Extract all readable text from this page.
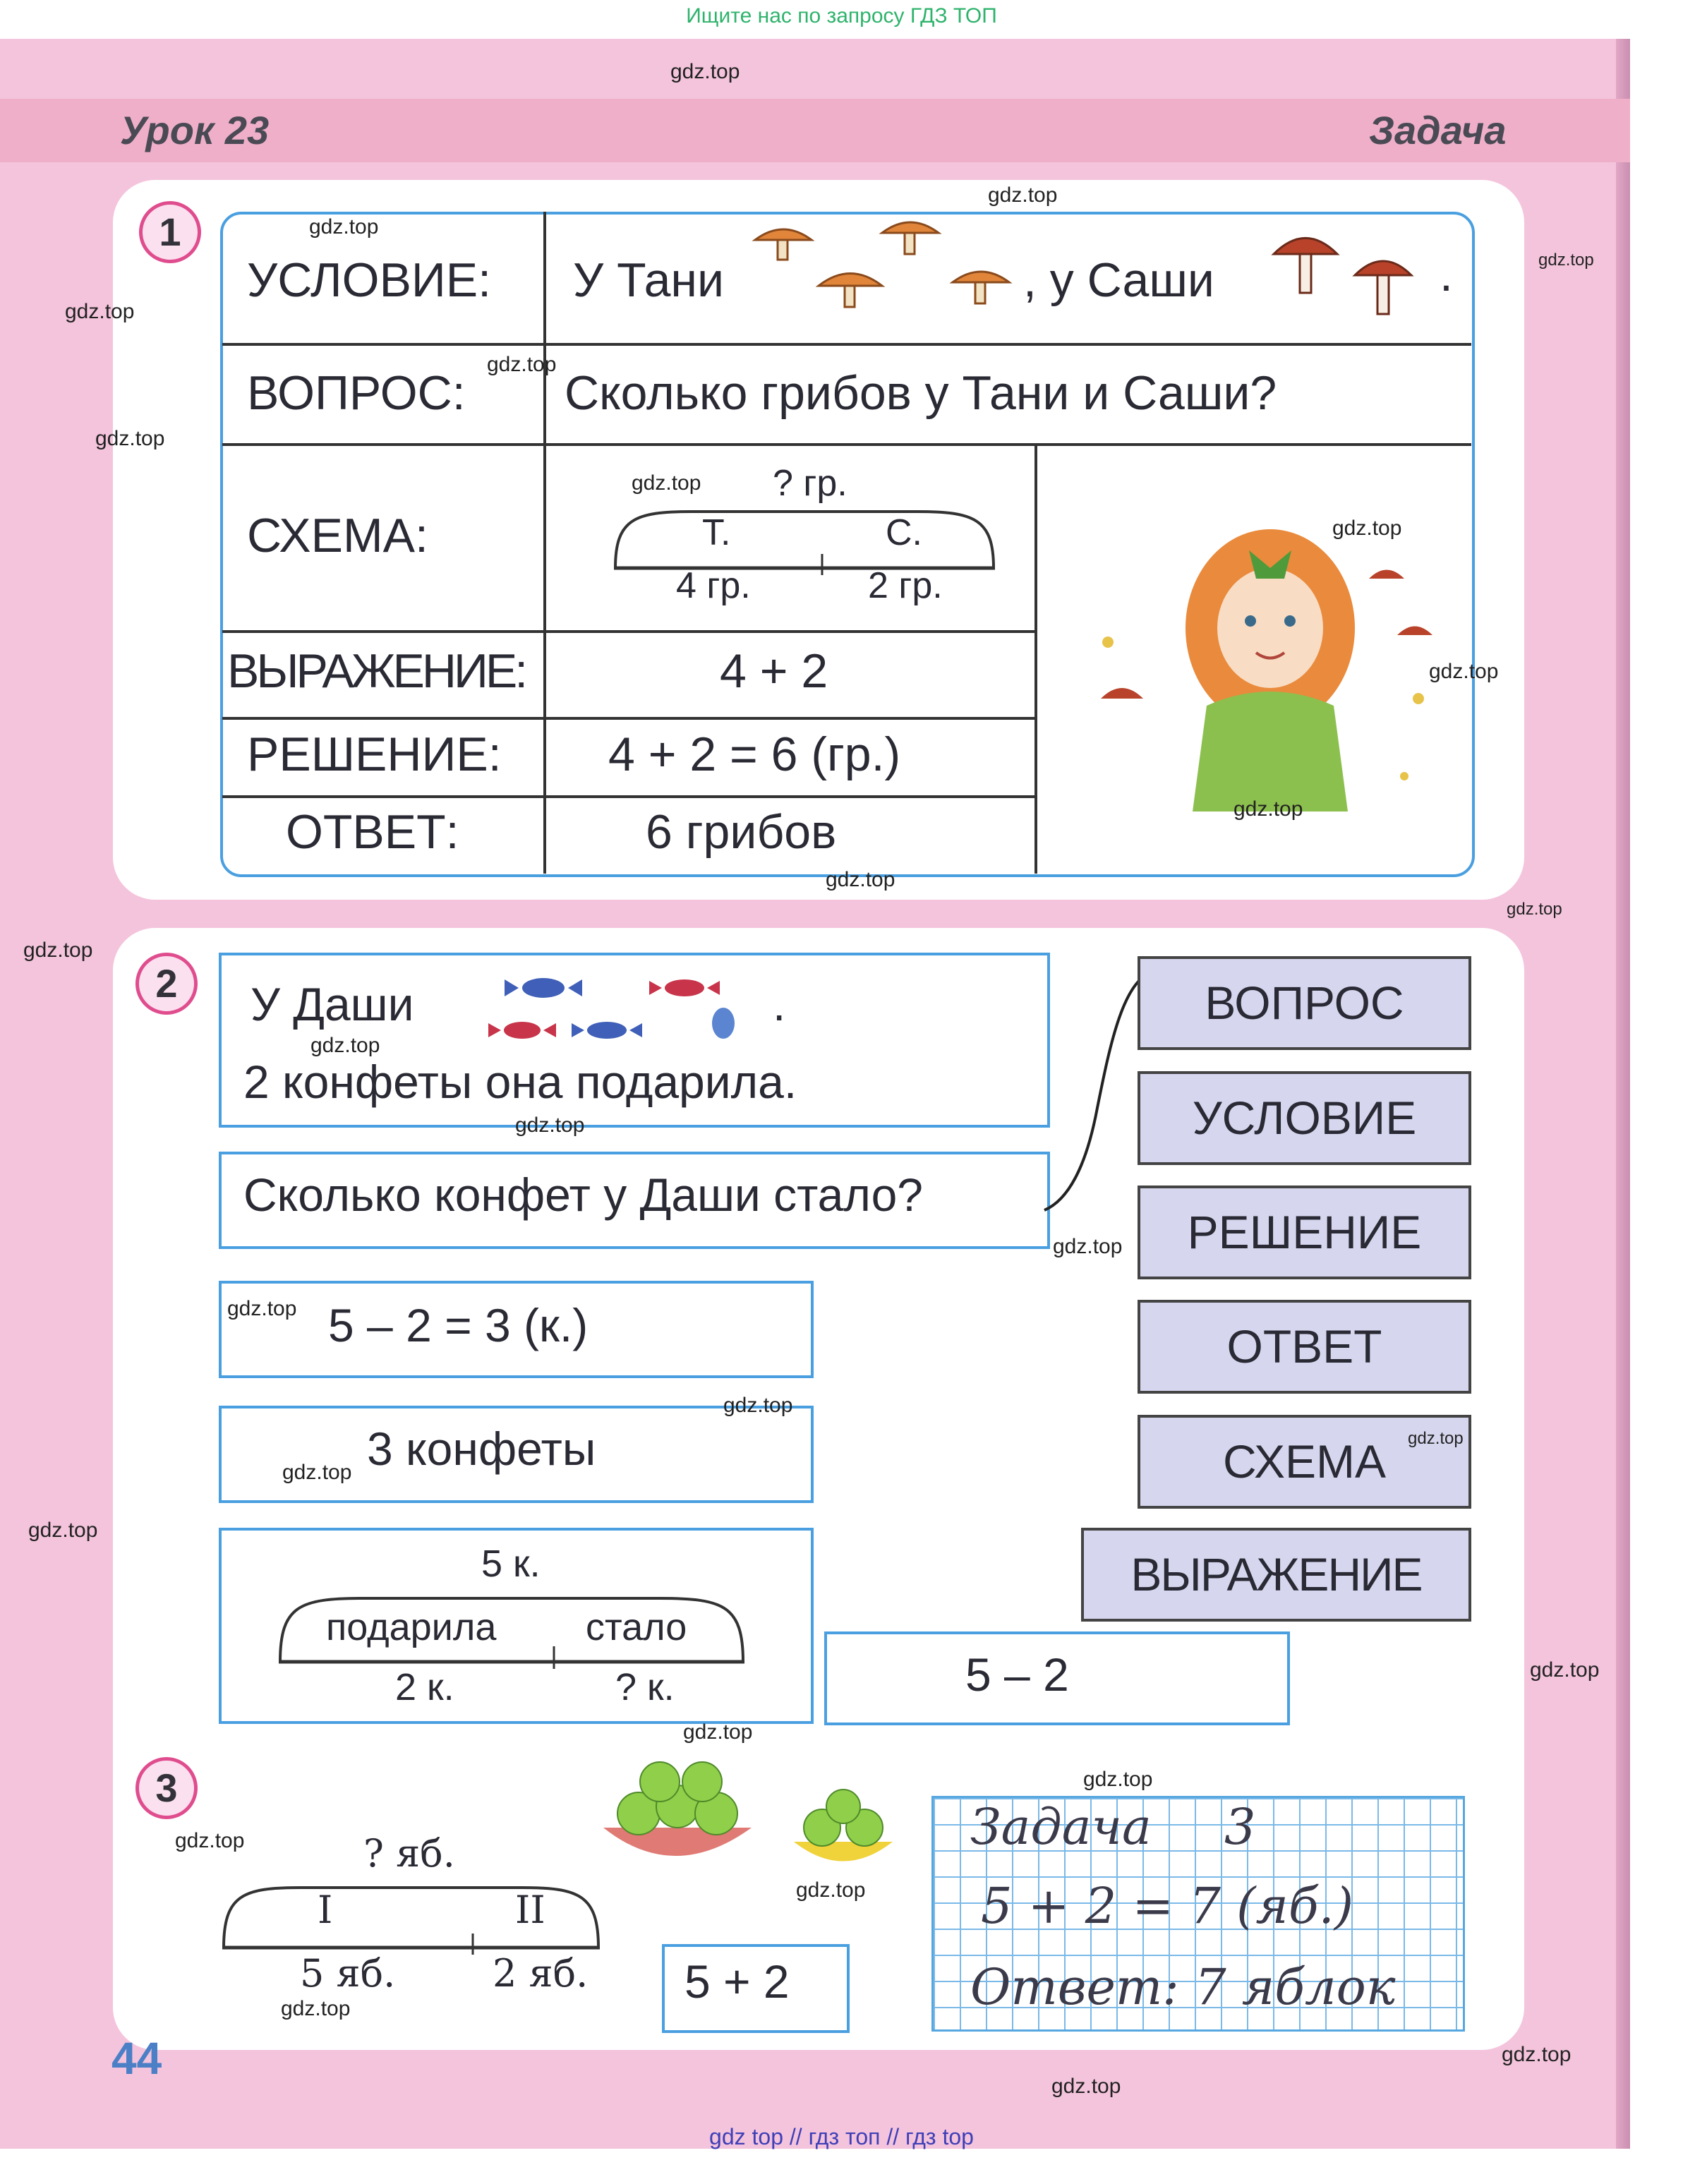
Ищите нас по запросу ГДЗ ТОП
Урок 23	Задача
1
УСЛОВИЕ: У Тани	, у Саши	.
ВОПРОС: Сколько грибов у Тани и Саши?
СХЕМА:
? гр.
Т.	С.
4 гр.	2 гр.
ВЫРАЖЕНИЕ:	4 + 2
РЕШЕНИЕ: 4 + 2 = 6 (гр.)
ОТВЕТ:	6 грибов
2	У Даши	.
2 конфеты она подарила.
Сколько конфет у Даши стало?
5 – 2 = 3 (к.)
3 конфеты
5 к.
подарила стало
2 к.	? к.	5 – 2
ВОПРОС
УСЛОВИЕ
РЕШЕНИЕ
ОТВЕТ
СХЕМА
ВЫРАЖЕНИЕ
3
? яб.
I	II
5 яб.	2 яб. 5 + 2
Задача 3
5 + 2 = 7 (яб.)
Ответ: 7 яблок
44
gdz.top
gdz.top
gdz.top
gdz.top
gdz.top
gdz.top
gdz.top
gdz.top
gdz.top
gdz.top
gdz.top
gdz.top
gdz.top
gdz.top
gdz.top
gdz.top
gdz.top
gdz.top
gdz.top
gdz.top
gdz.top
gdz.top
gdz.top
gdz.top
gdz.top
gdz.top
gdz.top
gdz.top
gdz.top
gdz.top
gdz top // гдз топ // гдз top
